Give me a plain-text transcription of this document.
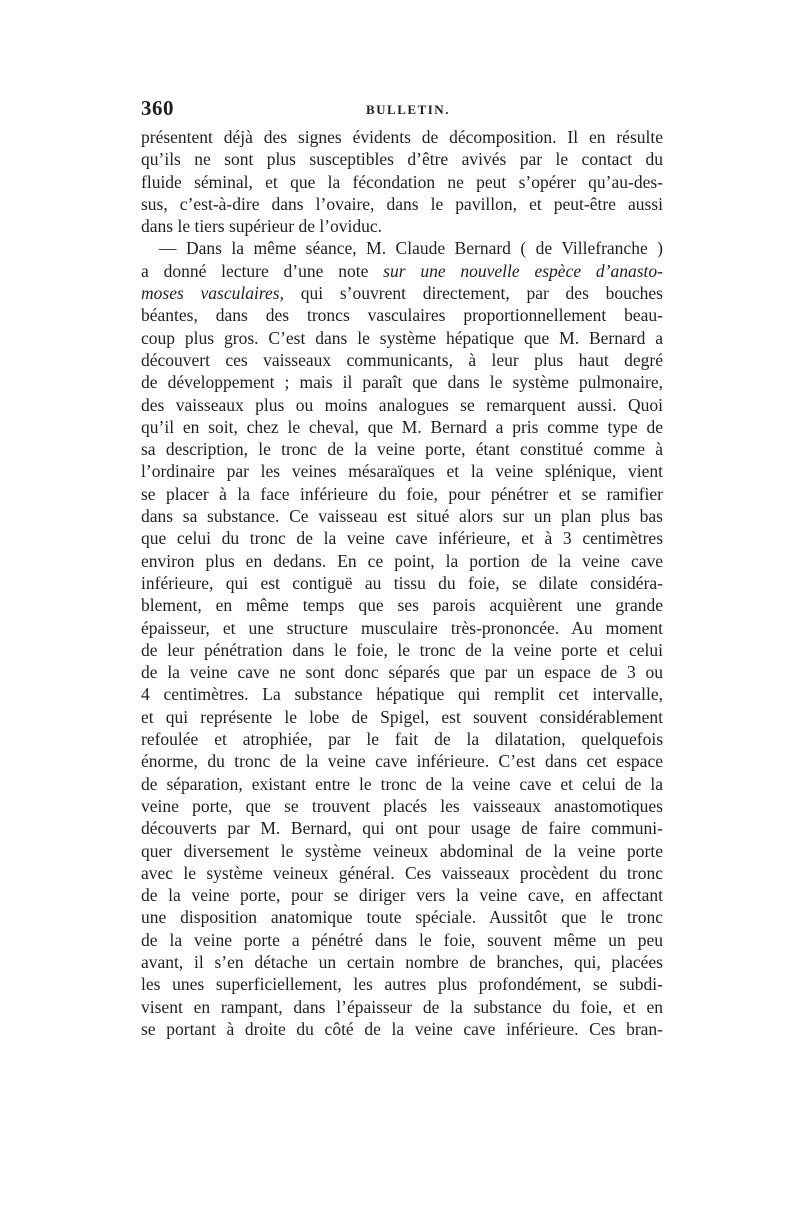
360	BULLETIN.
présentent déjà des signes évidents de décomposition. Il en résulte
qu’ils ne sont plus susceptibles d’être avivés par le contact du
fluide séminal, et que la fécondation ne peut s’opérer qu’au-des-
sus, c’est-à-dire dans l’ovaire, dans le pavillon, et peut-être aussi
dans le tiers supérieur de l’oviduc.
— Dans la même séance, M. Claude Bernard ( de Villefranche )
a donné lecture d’une note sur une nouvelle espèce d’anasto-
moses vasculaires, qui s’ouvrent directement, par des bouches
béantes, dans des troncs vasculaires proportionnellement beau-
coup plus gros. C’est dans le système hépatique que M. Bernard a
découvert ces vaisseaux communicants, à leur plus haut degré
de développement ; mais il paraît que dans le système pulmonaire,
des vaisseaux plus ou moins analogues se remarquent aussi. Quoi
qu’il en soit, chez le cheval, que M. Bernard a pris comme type de
sa description, le tronc de la veine porte, étant constitué comme à
l’ordinaire par les veines mésaraïques et la veine splénique, vient
se placer à la face inférieure du foie, pour pénétrer et se ramifier
dans sa substance. Ce vaisseau est situé alors sur un plan plus bas
que celui du tronc de la veine cave inférieure, et à 3 centimètres
environ plus en dedans. En ce point, la portion de la veine cave
inférieure, qui est contiguë au tissu du foie, se dilate considéra-
blement, en même temps que ses parois acquièrent une grande
épaisseur, et une structure musculaire très-prononcée. Au moment
de leur pénétration dans le foie, le tronc de la veine porte et celui
de la veine cave ne sont donc séparés que par un espace de 3 ou
4 centimètres. La substance hépatique qui remplit cet intervalle,
et qui représente le lobe de Spigel, est souvent considérablement
refoulée et atrophiée, par le fait de la dilatation, quelquefois
énorme, du tronc de la veine cave inférieure. C’est dans cet espace
de séparation, existant entre le tronc de la veine cave et celui de la
veine porte, que se trouvent placés les vaisseaux anastomotiques
découverts par M. Bernard, qui ont pour usage de faire communi-
quer diversement le système veineux abdominal de la veine porte
avec le système veineux général. Ces vaisseaux procèdent du tronc
de la veine porte, pour se diriger vers la veine cave, en affectant
une disposition anatomique toute spéciale. Aussitôt que le tronc
de la veine porte a pénétré dans le foie, souvent même un peu
avant, il s’en détache un certain nombre de branches, qui, placées
les unes superficiellement, les autres plus profondément, se subdi-
visent en rampant, dans l’épaisseur de la substance du foie, et en
se portant à droite du côté de la veine cave inférieure. Ces bran-
